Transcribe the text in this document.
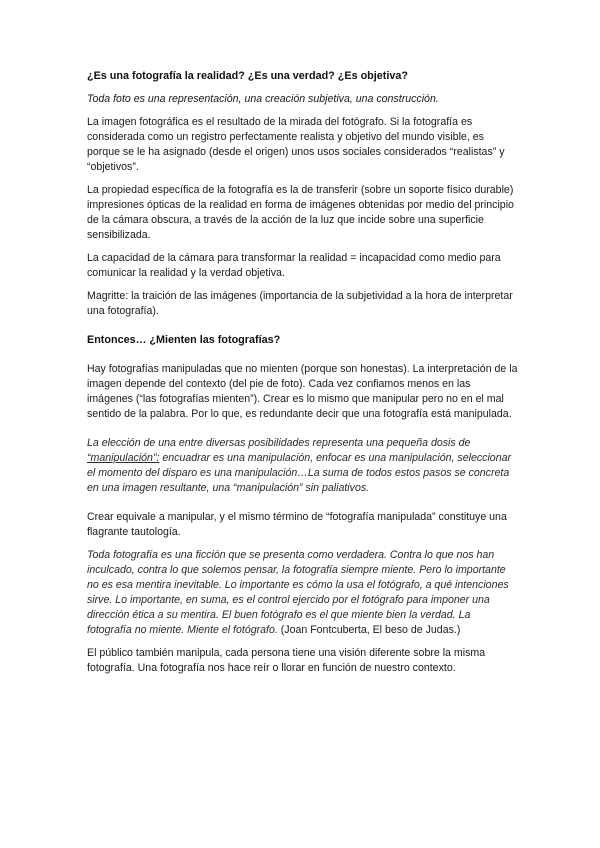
¿Es una fotografía la realidad? ¿Es una verdad? ¿Es objetiva?

Toda foto es una representación, una creación subjetiva, una construcción.

La imagen fotográfica es el resultado de la mirada del fotógrafo. Si la fotografía es considerada como un registro perfectamente realista y objetivo del mundo visible, es porque se le ha asignado (desde el origen) unos usos sociales considerados “realistas” y “objetivos”.

La propiedad específica de la fotografía es la de transferir (sobre un soporte físico durable) impresiones ópticas de la realidad en forma de imágenes obtenidas por medio del principio de la cámara obscura, a través de la acción de la luz que incide sobre una superficie sensibilizada.

La capacidad de la cámara para transformar la realidad = incapacidad como medio para comunicar la realidad y la verdad objetiva.

Magritte: la traición de las imágenes (importancia de la subjetividad a la hora de interpretar una fotografía).

Entonces… ¿Mienten las fotografías?

Hay fotografías manipuladas que no mienten (porque son honestas). La interpretación de la imagen depende del contexto (del pie de foto). Cada vez confiamos menos en las imágenes (“las fotografías mienten”). Crear es lo mismo que manipular pero no en el mal sentido de la palabra. Por lo que, es redundante decir que una fotografía está manipulada.

La elección de una entre diversas posibilidades representa una pequeña dosis de “manipulación”: encuadrar es una manipulación, enfocar es una manipulación, seleccionar el momento del disparo es una manipulación…La suma de todos estos pasos se concreta en una imagen resultante, una “manipulación” sin paliativos.

Crear equivale a manipular, y el mismo término de “fotografía manipulada” constituye una flagrante tautología.

Toda fotografía es una ficción que se presenta como verdadera. Contra lo que nos han inculcado, contra lo que solemos pensar, la fotografía siempre miente. Pero lo importante no es esa mentira inevitable. Lo importante es cómo la usa el fotógrafo, a qué intenciones sirve. Lo importante, en suma, es el control ejercido por el fotógrafo para imponer una dirección ética a su mentira. El buen fotógrafo es el que miente bien la verdad. La fotografía no miente. Miente el fotógrafo. (Joan Fontcuberta, El beso de Judas.)

El público también manipula, cada persona tiene una visión diferente sobre la misma fotografía. Una fotografía nos hace reír o llorar en función de nuestro contexto.
